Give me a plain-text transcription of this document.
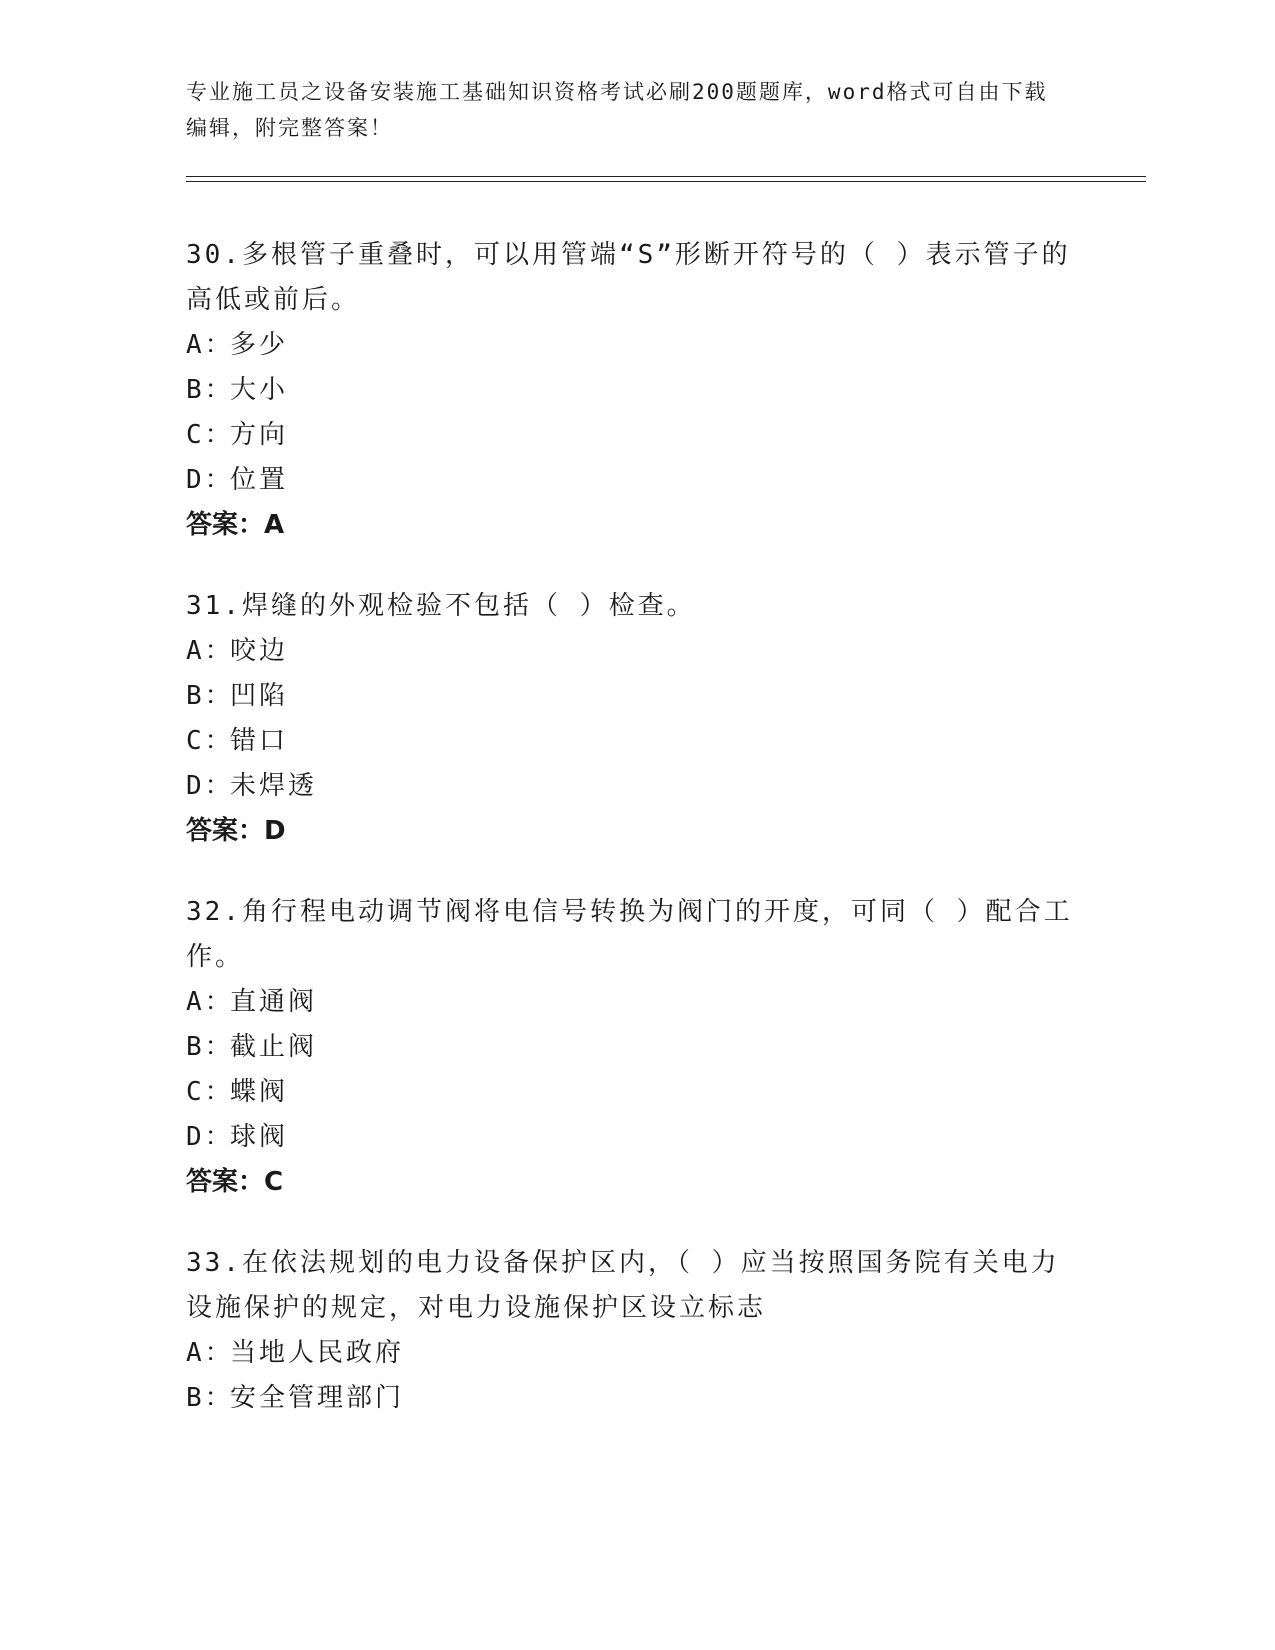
专业施工员之设备安装施工基础知识资格考试必刷200题题库，word格式可自由下载编辑，附完整答案！
30.多根管子重叠时，可以用管端“S”形断开符号的（ ）表示管子的高低或前后。
A：多少
B：大小
C：方向
D：位置
答案：A
31.焊缝的外观检验不包括（ ）检查。
A：咬边
B：凹陷
C：错口
D：未焊透
答案：D
32.角行程电动调节阀将电信号转换为阀门的开度，可同（ ）配合工作。
A：直通阀
B：截止阀
C：蝶阀
D：球阀
答案：C
33.在依法规划的电力设备保护区内，（ ）应当按照国务院有关电力设施保护的规定，对电力设施保护区设立标志
A：当地人民政府
B：安全管理部门
